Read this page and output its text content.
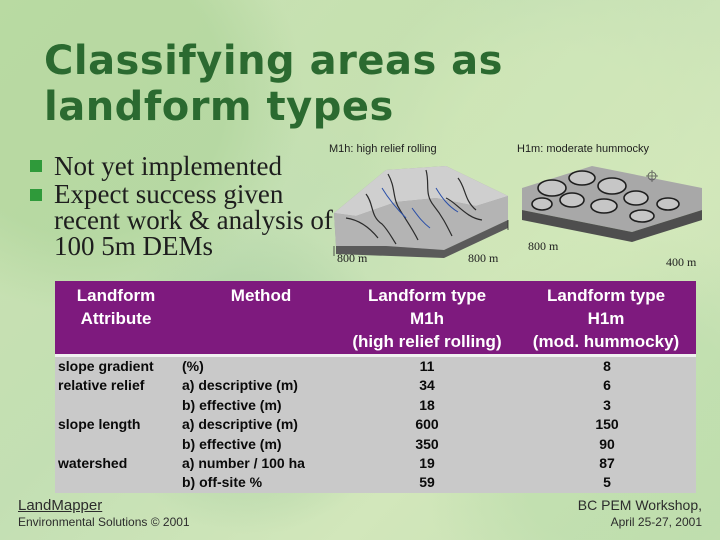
Classifying areas as
landform types
Not yet implemented
Expect success given
recent work & analysis of
100 5m DEMs
M1h: high relief rolling
800 m	800 m
H1m: moderate hummocky
800 m
400 m
Landform
Attribute
Method	Landform type
M1h
(high relief rolling)
Landform type
H1m
(mod. hummocky)
slope gradient
relative relief

slope length

watershed

(%)
a) descriptive (m)
b) effective (m)
a) descriptive (m)
b) effective (m)
a) number / 100 ha
b) off-site %
11
34
18
600
350
19
59
8
6
3
150
90
87
5
LandMapper
Environmental Solutions © 2001
BC PEM Workshop,
April 25-27, 2001
